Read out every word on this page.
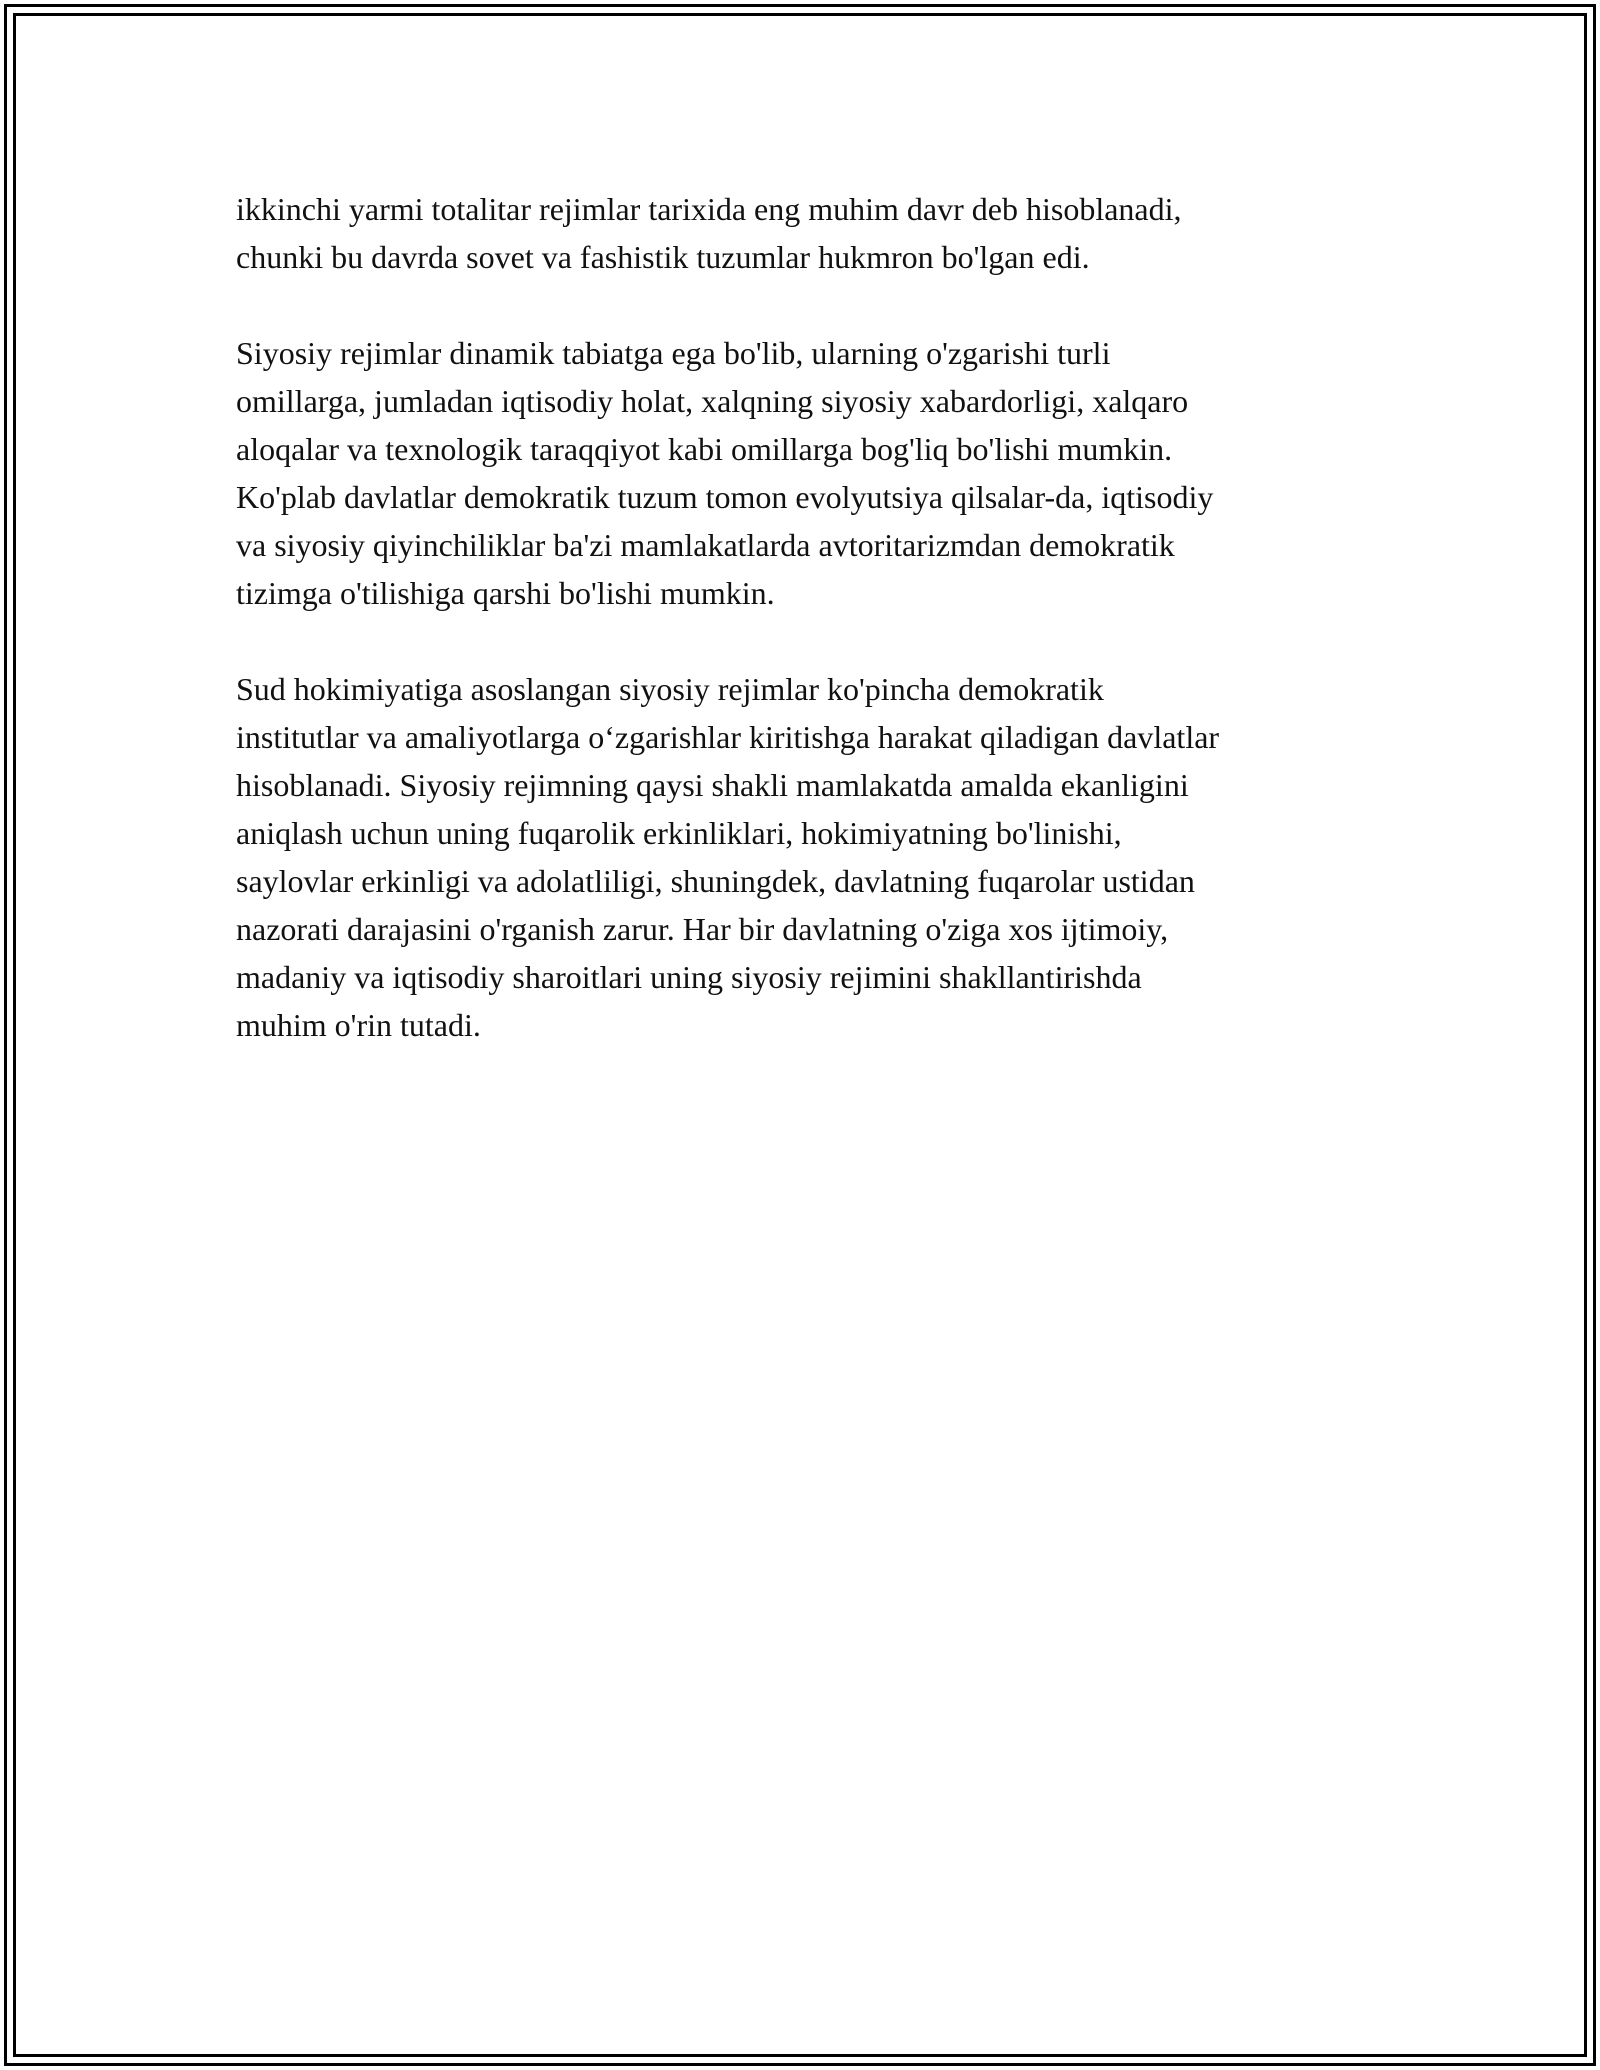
ikkinchi yarmi totalitar rejimlar tarixida eng muhim davr deb hisoblanadi,
chunki bu davrda sovet va fashistik tuzumlar hukmron bo'lgan edi.

Siyosiy rejimlar dinamik tabiatga ega bo'lib, ularning o'zgarishi turli
omillarga, jumladan iqtisodiy holat, xalqning siyosiy xabardorligi, xalqaro
aloqalar va texnologik taraqqiyot kabi omillarga bog'liq bo'lishi mumkin.
Ko'plab davlatlar demokratik tuzum tomon evolyutsiya qilsalar-da, iqtisodiy
va siyosiy qiyinchiliklar ba'zi mamlakatlarda avtoritarizmdan demokratik
tizimga o'tilishiga qarshi bo'lishi mumkin.

Sud hokimiyatiga asoslangan siyosiy rejimlar ko'pincha demokratik
institutlar va amaliyotlarga o‘zgarishlar kiritishga harakat qiladigan davlatlar
hisoblanadi. Siyosiy rejimning qaysi shakli mamlakatda amalda ekanligini
aniqlash uchun uning fuqarolik erkinliklari, hokimiyatning bo'linishi,
saylovlar erkinligi va adolatliligi, shuningdek, davlatning fuqarolar ustidan
nazorati darajasini o'rganish zarur. Har bir davlatning o'ziga xos ijtimoiy,
madaniy va iqtisodiy sharoitlari uning siyosiy rejimini shakllantirishda
muhim o'rin tutadi.
